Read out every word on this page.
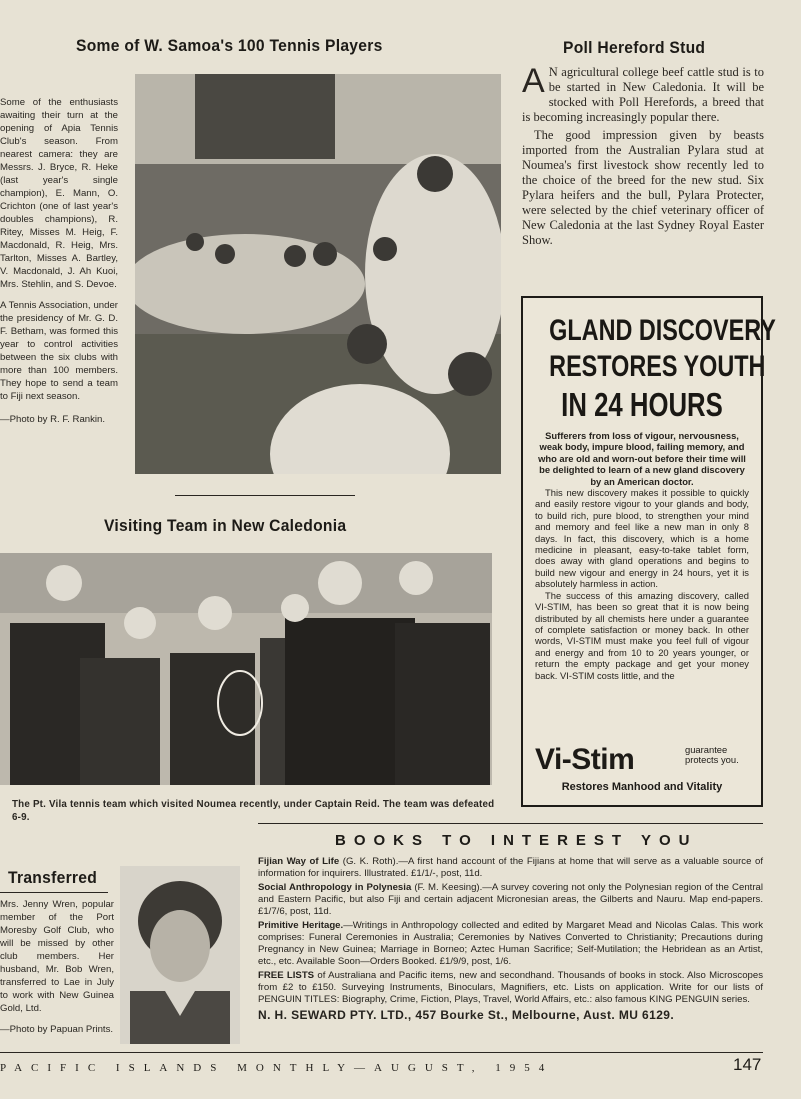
Some of W. Samoa's 100 Tennis Players

Some of the enthusiasts awaiting their turn at the opening of Apia Tennis Club's season. From nearest camera: they are Messrs. J. Bryce, R. Heke (last year's single champion), E. Mann, O. Crichton (one of last year's doubles champions), R. Ritey, Misses M. Heig, F. Macdonald, R. Heig, Mrs. Tarlton, Misses A. Bartley, V. Macdonald, J. Ah Kuoi, Mrs. Stehlin, and S. Devoe.

A Tennis Association, under the presidency of Mr. G. D. F. Betham, was formed this year to control activities between the six clubs with more than 100 members. They hope to send a team to Fiji next season.

—Photo by R. F. Rankin.

Visiting Team in New Caledonia
The Pt. Vila tennis team which visited Noumea recently, under Captain Reid. The team was defeated 6-9.
Poll Hereford Stud
A N agricultural college beef cattle stud is to be started in New Caledonia. It will be stocked with Poll Herefords, a breed that is becoming increasingly popular there.
The good impression given by beasts imported from the Australian Pylara stud at Noumea's first livestock show recently led to the choice of the breed for the new stud. Six Pylara heifers and the bull, Pylara Protecter, were selected by the chief veterinary officer of New Caledonia at the last Sydney Royal Easter Show.
GLAND DISCOVERY
RESTORES YOUTH
IN 24 HOURS

Sufferers from loss of vigour, nervousness, weak body, impure blood, failing memory, and who are old and worn-out before their time will be delighted to learn of a new gland discovery by an American doctor.

This new discovery makes it possible to quickly and easily restore vigour to your glands and body, to build rich, pure blood, to strengthen your mind and memory and feel like a new man in only 8 days. In fact, this discovery, which is a home medicine in pleasant, easy-to-take tablet form, does away with gland operations and begins to build new vigour and energy in 24 hours, yet it is absolutely harmless in action.

The success of this amazing discovery, called VI-STIM, has been so great that it is now being distributed by all chemists here under a guarantee of complete satisfaction or money back. In other words, VI-STIM must make you feel full of vigour and energy and from 10 to 20 years younger, or return the empty package and get your money back. VI-STIM costs little, and the

Vi-Stim	guarantee protects you.
Restores Manhood and Vitality
BOOKS TO INTEREST YOU

Fijian Way of Life (G. K. Roth).—A first hand account of the Fijians at home that will serve as a valuable source of information for inquirers. Illustrated. £1/1/-, post, 11d.

Social Anthropology in Polynesia (F. M. Keesing).—A survey covering not only the Polynesian region of the Central and Eastern Pacific, but also Fiji and certain adjacent Micronesian areas, the Gilberts and Nauru. Map end-papers. £1/7/6, post, 11d.

Primitive Heritage.—Writings in Anthropology collected and edited by Margaret Mead and Nicolas Calas. This work comprises: Funeral Ceremonies in Australia; Ceremonies by Natives Converted to Christianity; Precautions during Pregnancy in New Guinea; Marriage in Borneo; Aztec Human Sacrifice; Self-Mutilation; the Hebridean as an Artist, etc., etc. Available Soon—Orders Booked. £1/9/9, post, 1/6.

FREE LISTS of Australiana and Pacific items, new and secondhand. Thousands of books in stock. Also Microscopes from £2 to £150. Surveying Instruments, Binoculars, Magnifiers, etc. Lists on application. Write for our lists of PENGUIN TITLES: Biography, Crime, Fiction, Plays, Travel, World Affairs, etc.: also famous KING PENGUIN series.

N. H. SEWARD PTY. LTD., 457 Bourke St., Melbourne, Aust. MU 6129.

Transferred

Mrs. Jenny Wren, popular member of the Port Moresby Golf Club, who will be missed by other club members. Her husband, Mr. Bob Wren, transferred to Lae in July to work with New Guinea Gold, Ltd.

—Photo by Papuan Prints.

PACIFIC ISLANDS MONTHLY—AUGUST, 1954	147
